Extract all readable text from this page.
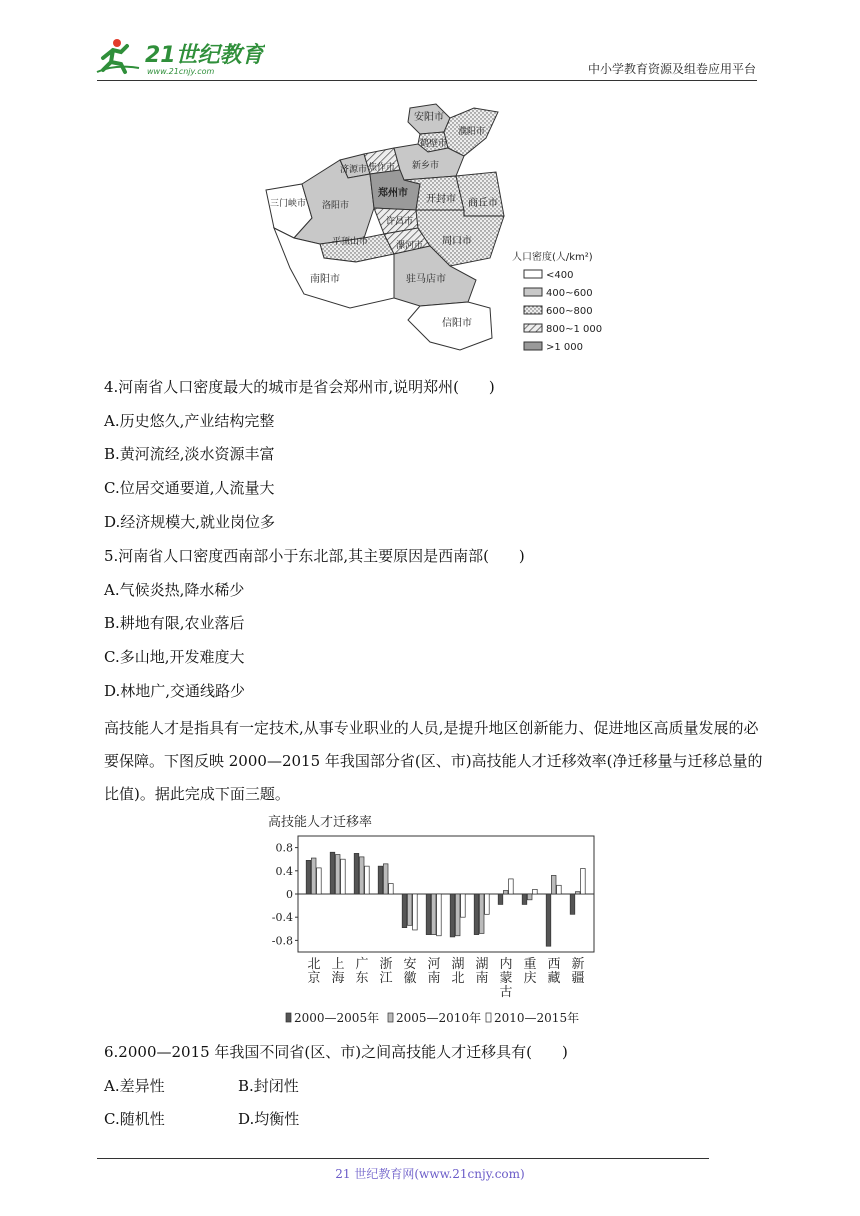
21世纪教育
www.21cnjy.com	中小学教育资源及组卷应用平台
安阳市
鹤壁市
濮阳市
济源市 焦作市 新乡市
三门峡市 洛阳市
郑州市
开封市 商丘市
许昌市
平顶山市	漯河市 周口市
南阳市	驻马店市
信阳市
人口密度(人/km²)
<400
400~600
600~800
800~1 000
>1 000
4.河南省人口密度最大的城市是省会郑州市,说明郑州(　　)
A.历史悠久,产业结构完整
B.黄河流经,淡水资源丰富
C.位居交通要道,人流量大
D.经济规模大,就业岗位多
5.河南省人口密度西南部小于东北部,其主要原因是西南部(　　)
A.气候炎热,降水稀少
B.耕地有限,农业落后
C.多山地,开发难度大
D.林地广,交通线路少
高技能人才是指具有一定技术,从事专业职业的人员,是提升地区创新能力、促进地区高质量发展的必要保障。下图反映 2000—2015 年我国部分省(区、市)高技能人才迁移效率(净迁移量与迁移总量的比值)。据此完成下面三题。
高技能人才迁移率
0.8
0.4
0
-0.4
-0.8
北京
上海
广东
浙江
安徽
河南
湖北
湖南
内蒙古
重庆
西藏
新疆
2000—2005年 2005—2010年 2010—2015年
6.2000—2015 年我国不同省(区、市)之间高技能人才迁移具有(　　)
A.差异性	B.封闭性
C.随机性	D.均衡性
21 世纪教育网(www.21cnjy.com)
